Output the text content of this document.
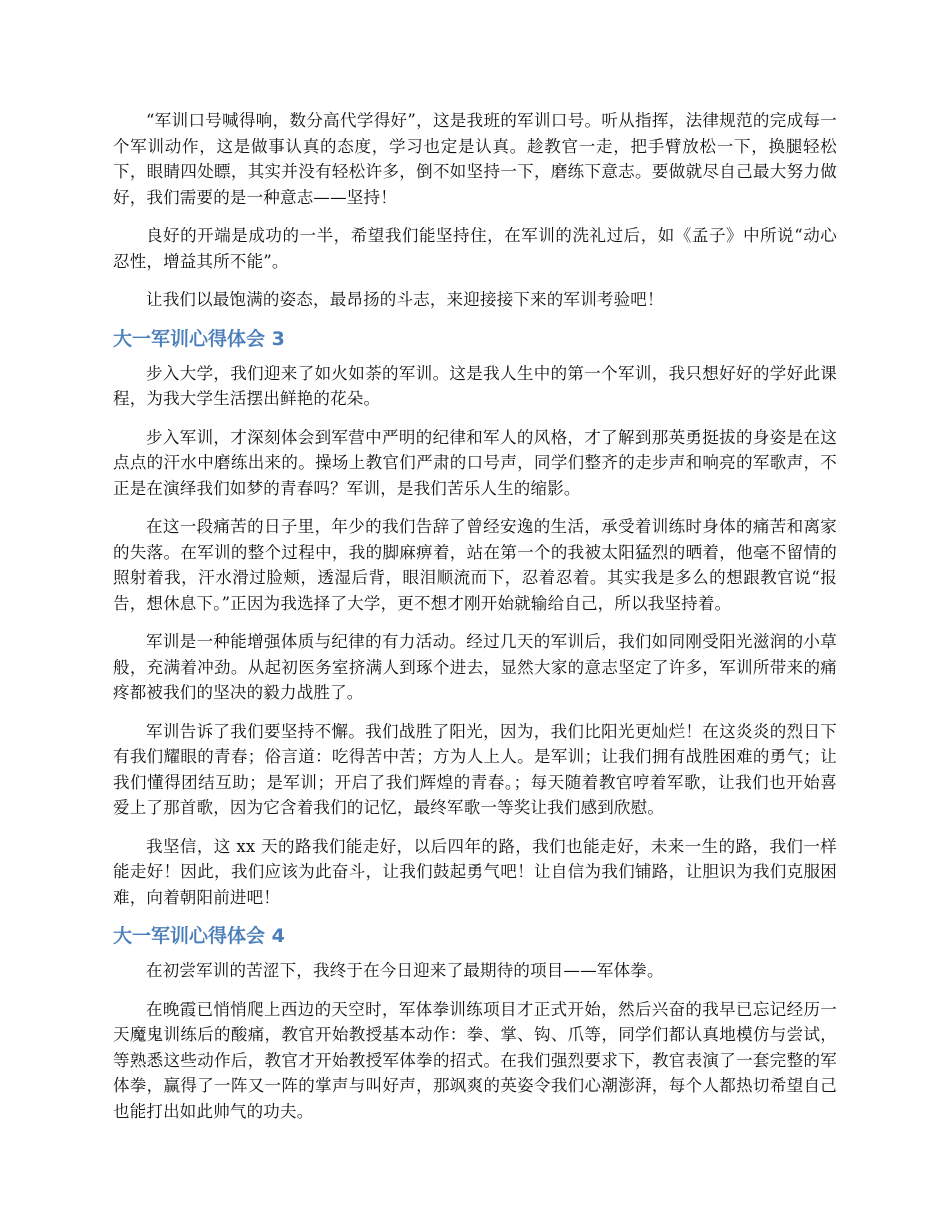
“军训口号喊得响，数分高代学得好”，这是我班的军训口号。听从指挥，法律规范的完成每一个军训动作，这是做事认真的态度，学习也定是认真。趁教官一走，把手臂放松一下，换腿轻松下，眼睛四处瞟，其实并没有轻松许多，倒不如坚持一下，磨练下意志。要做就尽自己最大努力做好，我们需要的是一种意志——坚持！

良好的开端是成功的一半，希望我们能坚持住，在军训的洗礼过后，如《孟子》中所说“动心忍性，增益其所不能”。

让我们以最饱满的姿态，最昂扬的斗志，来迎接接下来的军训考验吧！

大一军训心得体会 3

步入大学，我们迎来了如火如荼的军训。这是我人生中的第一个军训，我只想好好的学好此课程，为我大学生活摆出鲜艳的花朵。

步入军训，才深刻体会到军营中严明的纪律和军人的风格，才了解到那英勇挺拔的身姿是在这点点的汗水中磨练出来的。操场上教官们严肃的口号声，同学们整齐的走步声和响亮的军歌声，不正是在演绎我们如梦的青春吗？军训，是我们苦乐人生的缩影。

在这一段痛苦的日子里，年少的我们告辞了曾经安逸的生活，承受着训练时身体的痛苦和离家的失落。在军训的整个过程中，我的脚麻痹着，站在第一个的我被太阳猛烈的晒着，他毫不留情的照射着我，汗水滑过脸颊，透湿后背，眼泪顺流而下，忍着忍着。其实我是多么的想跟教官说“报告，想休息下。”正因为我选择了大学，更不想才刚开始就输给自己，所以我坚持着。

军训是一种能增强体质与纪律的有力活动。经过几天的军训后，我们如同刚受阳光滋润的小草般，充满着冲劲。从起初医务室挤满人到琢个进去，显然大家的意志坚定了许多，军训所带来的痛疼都被我们的坚决的毅力战胜了。

军训告诉了我们要坚持不懈。我们战胜了阳光，因为，我们比阳光更灿烂！在这炎炎的烈日下有我们耀眼的青春；俗言道：吃得苦中苦；方为人上人。是军训；让我们拥有战胜困难的勇气；让我们懂得团结互助；是军训；开启了我们辉煌的青春。；每天随着教官哼着军歌，让我们也开始喜爱上了那首歌，因为它含着我们的记忆，最终军歌一等奖让我们感到欣慰。

我坚信，这 xx 天的路我们能走好，以后四年的路，我们也能走好，未来一生的路，我们一样能走好！因此，我们应该为此奋斗，让我们鼓起勇气吧！让自信为我们铺路，让胆识为我们克服困难，向着朝阳前进吧！

大一军训心得体会 4

在初尝军训的苦涩下，我终于在今日迎来了最期待的项目——军体拳。

在晚霞已悄悄爬上西边的天空时，军体拳训练项目才正式开始，然后兴奋的我早已忘记经历一天魔鬼训练后的酸痛，教官开始教授基本动作：拳、掌、钩、爪等，同学们都认真地模仿与尝试，等熟悉这些动作后，教官才开始教授军体拳的招式。在我们强烈要求下，教官表演了一套完整的军体拳，赢得了一阵又一阵的掌声与叫好声，那飒爽的英姿令我们心潮澎湃，每个人都热切希望自己也能打出如此帅气的功夫。
